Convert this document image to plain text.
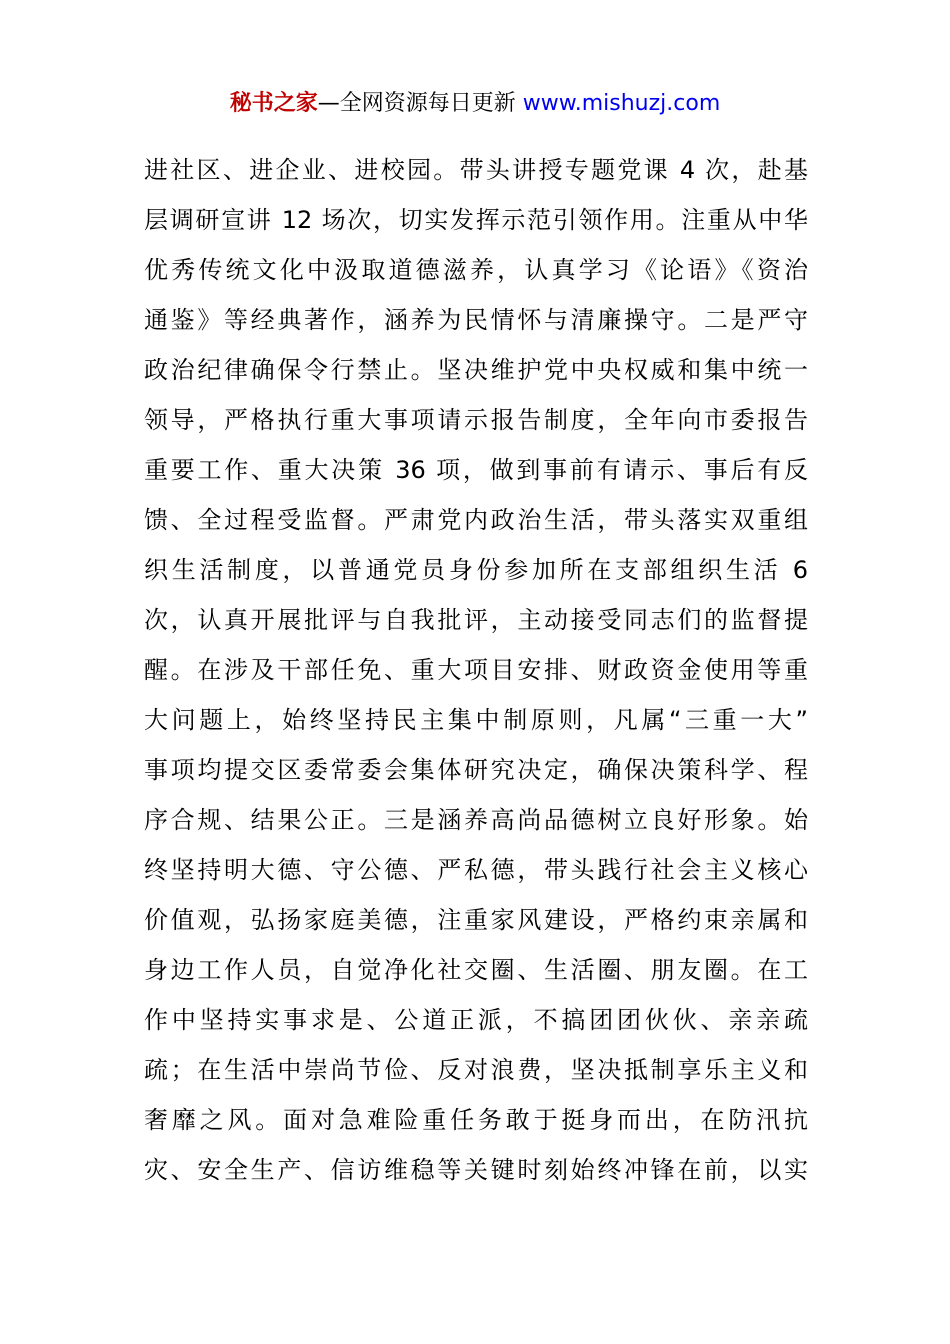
秘书之家—全网资源每日更新 www.mishuzj.com
进社区、进企业、进校园。带头讲授专题党课 4 次，赴基
层调研宣讲 12 场次，切实发挥示范引领作用。注重从中华
优秀传统文化中汲取道德滋养，认真学习《论语》《资治
通鉴》等经典著作，涵养为民情怀与清廉操守。二是严守
政治纪律确保令行禁止。坚决维护党中央权威和集中统一
领导，严格执行重大事项请示报告制度，全年向市委报告
重要工作、重大决策 36 项，做到事前有请示、事后有反
馈、全过程受监督。严肃党内政治生活，带头落实双重组
织生活制度，以普通党员身份参加所在支部组织生活 6
次，认真开展批评与自我批评，主动接受同志们的监督提
醒。在涉及干部任免、重大项目安排、财政资金使用等重
大问题上，始终坚持民主集中制原则，凡属“三重一大”
事项均提交区委常委会集体研究决定，确保决策科学、程
序合规、结果公正。三是涵养高尚品德树立良好形象。始
终坚持明大德、守公德、严私德，带头践行社会主义核心
价值观，弘扬家庭美德，注重家风建设，严格约束亲属和
身边工作人员，自觉净化社交圈、生活圈、朋友圈。在工
作中坚持实事求是、公道正派，不搞团团伙伙、亲亲疏
疏；在生活中崇尚节俭、反对浪费，坚决抵制享乐主义和
奢靡之风。面对急难险重任务敢于挺身而出，在防汛抗
灾、安全生产、信访维稳等关键时刻始终冲锋在前，以实
